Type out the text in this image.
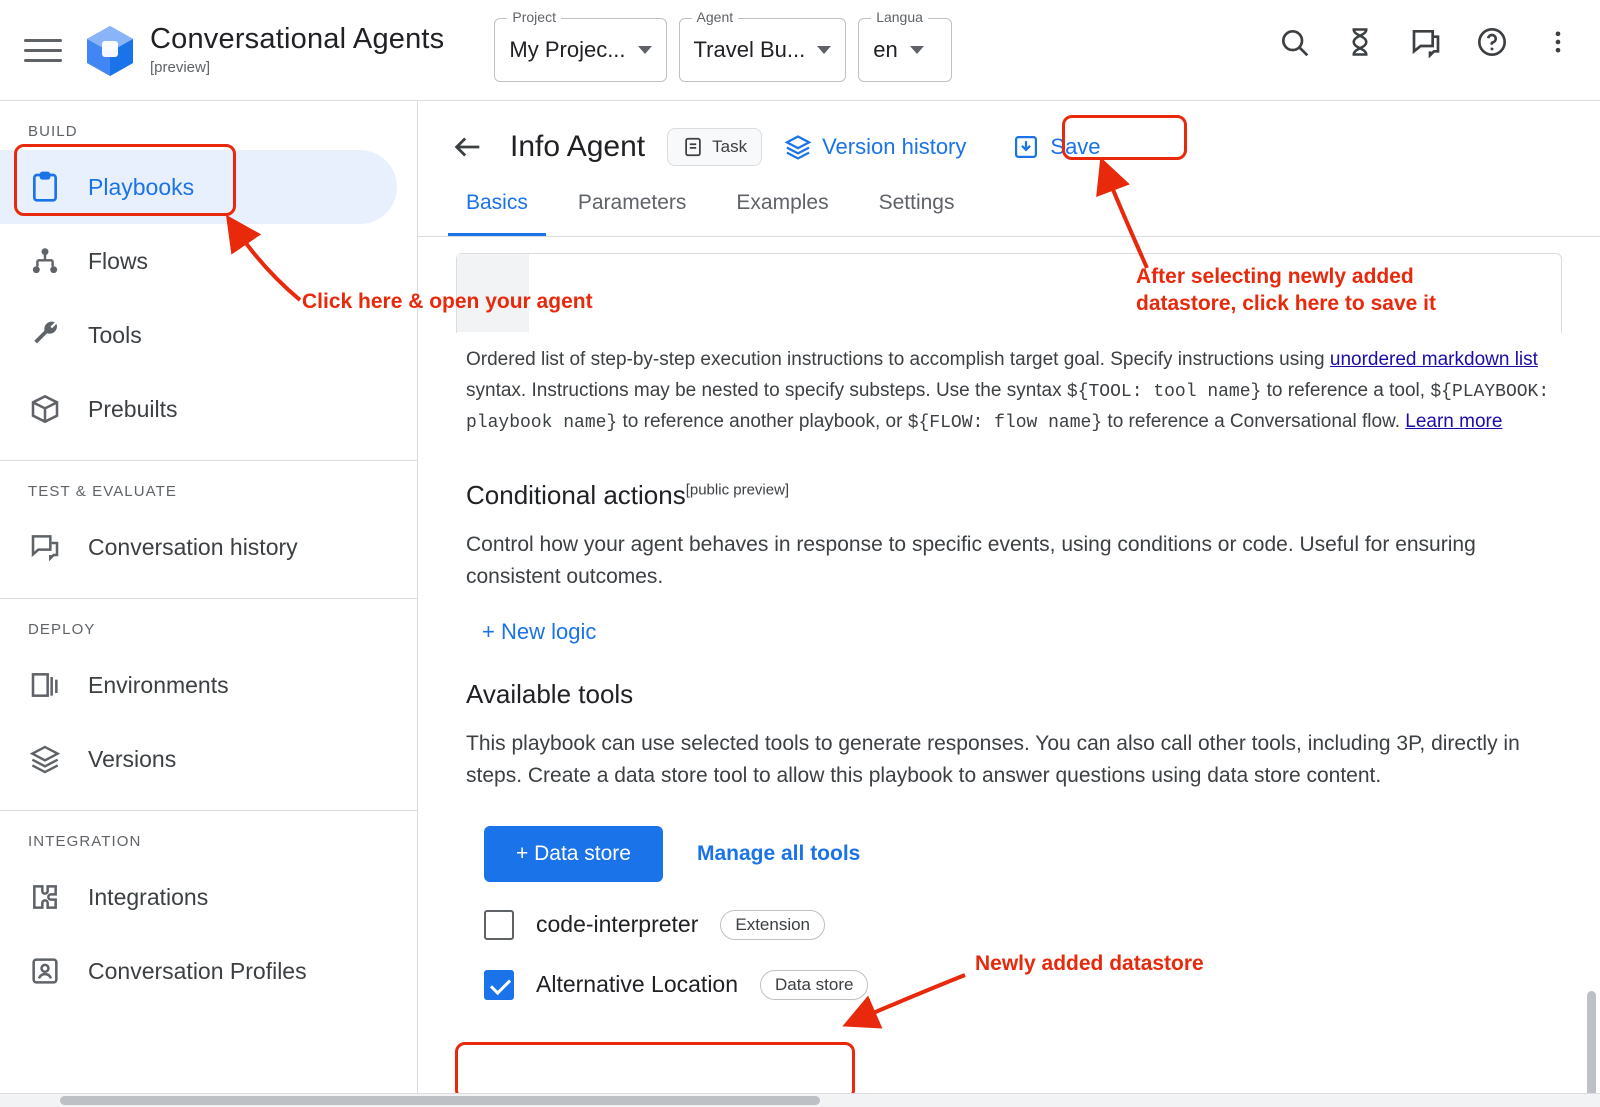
Conversational Agents
[preview]
Project
My Projec...
Agent
Travel Bu...
Langua
en
BUILD
Playbooks
Flows
Tools
Prebuilts
TEST & EVALUATE
Conversation history
DEPLOY
Environments
Versions
INTEGRATION
Integrations
Conversation Profiles
Info Agent	Task	Version history	Save
Basics	Parameters	Examples	Settings
Ordered list of step-by-step execution instructions to accomplish target goal. Specify instructions using unordered markdown list syntax. Instructions may be nested to specify substeps. Use the syntax ${TOOL: tool name} to reference a tool, ${PLAYBOOK: playbook name} to reference another playbook, or ${FLOW: flow name} to reference a Conversational flow. Learn more
Conditional actions[public preview]

Control how your agent behaves in response to specific events, using conditions or code. Useful for ensuring consistent outcomes.

+ New logic
Available tools

This playbook can use selected tools to generate responses. You can also call other tools, including 3P, directly in steps. Create a data store tool to allow this playbook to answer questions using data store content.

+ Data store	Manage all tools
code-interpreter	Extension
Alternative Location	Data store
Click here & open your agent
After selecting newly added datastore, click here to save it
Newly added datastore
